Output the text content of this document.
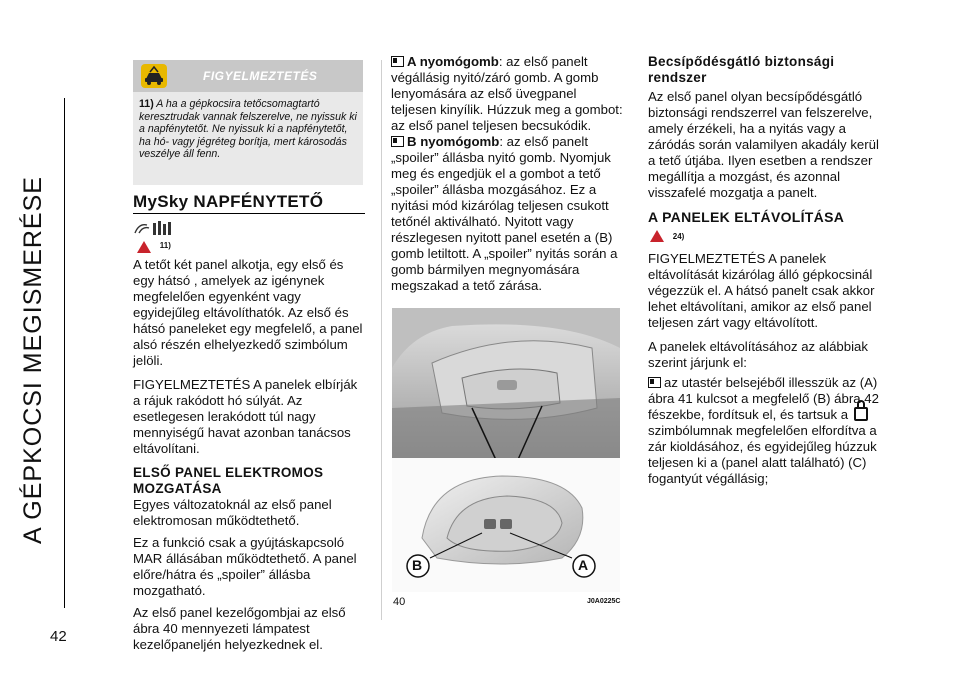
A GÉPKOCSI MEGISMERÉSE
42
FIGYELMEZTETÉS
11) A ha a gépkocsira tetőcsomagtartó keresztrudak vannak felszerelve, ne nyissuk ki a napfénytetőt. Ne nyissuk ki a napfénytetőt, ha hó- vagy jégréteg borítja, mert károsodás veszélye áll fenn.
MySky NAPFÉNYTETŐ
$^{11)}$

A tetőt két panel alkotja, egy első és egy hátsó , amelyek az igénynek megfelelően egyenként vagy egyidejűleg eltávolíthatók. Az első és hátsó paneleket egy megfelelő, a panel alsó részén elhelyezkedő szimbólum jelöli.

FIGYELMEZTETÉS A panelek elbírják a rájuk rakódott hó súlyát. Az esetlegesen lerakódott túl nagy mennyiségű havat azonban tanácsos eltávolítani.

ELSŐ PANEL ELEKTROMOS MOZGATÁSA

Egyes változatoknál az első panel elektromosan működtethető.

Ez a funkció csak a gyújtáskapcsoló MAR állásában működtethető. A panel előre/hátra és „spoiler” állásba mozgatható.

Az első panel kezelőgombjai az első ábra 40 mennyezeti lámpatest kezelőpaneljén helyezkednek el.

A nyomógomb: az első panelt végállásig nyitó/záró gomb. A gomb lenyomására az első üvegpanel teljesen kinyílik. Húzzuk meg a gombot: az első panel teljesen becsukódik.

B nyomógomb: az első panelt „spoiler” állásba nyitó gomb. Nyomjuk meg és engedjük el a gombot a tető „spoiler” állásba mozgásához. Ez a nyitási mód kizárólag teljesen csukott tetőnél aktiválható. Nyitott vagy részlegesen nyitott panel esetén a (B) gomb letiltott. A „spoiler” nyitás során a gomb bármilyen megnyomására megszakad a tető zárása.

B	A
40	J0A0225C
Becsípődésgátló biztonsági rendszer

Az első panel olyan becsípődésgátló biztonsági rendszerrel van felszerelve, amely érzékeli, ha a nyitás vagy a záródás során valamilyen akadály kerül a tető útjába. Ilyen esetben a rendszer megállítja a mozgást, és azonnal visszafelé mozgatja a panelt.

A PANELEK ELTÁVOLÍTÁSA
$^{24)}$

FIGYELMEZTETÉS A panelek eltávolítását kizárólag álló gépkocsinál végezzük el. A hátsó panelt csak akkor lehet eltávolítani, amikor az első panel teljesen zárt vagy eltávolított.

A panelek eltávolításához az alábbiak szerint járjunk el:

az utastér belsejéből illesszük az (A) ábra 41 kulcsot a megfelelő (B) ábra 42 fészekbe, fordítsuk el, és tartsuk a  szimbólumnak megfelelően elfordítva a zár kioldásához, és egyidejűleg húzzuk teljesen ki a (panel alatt található) (C) fogantyút végállásig;
